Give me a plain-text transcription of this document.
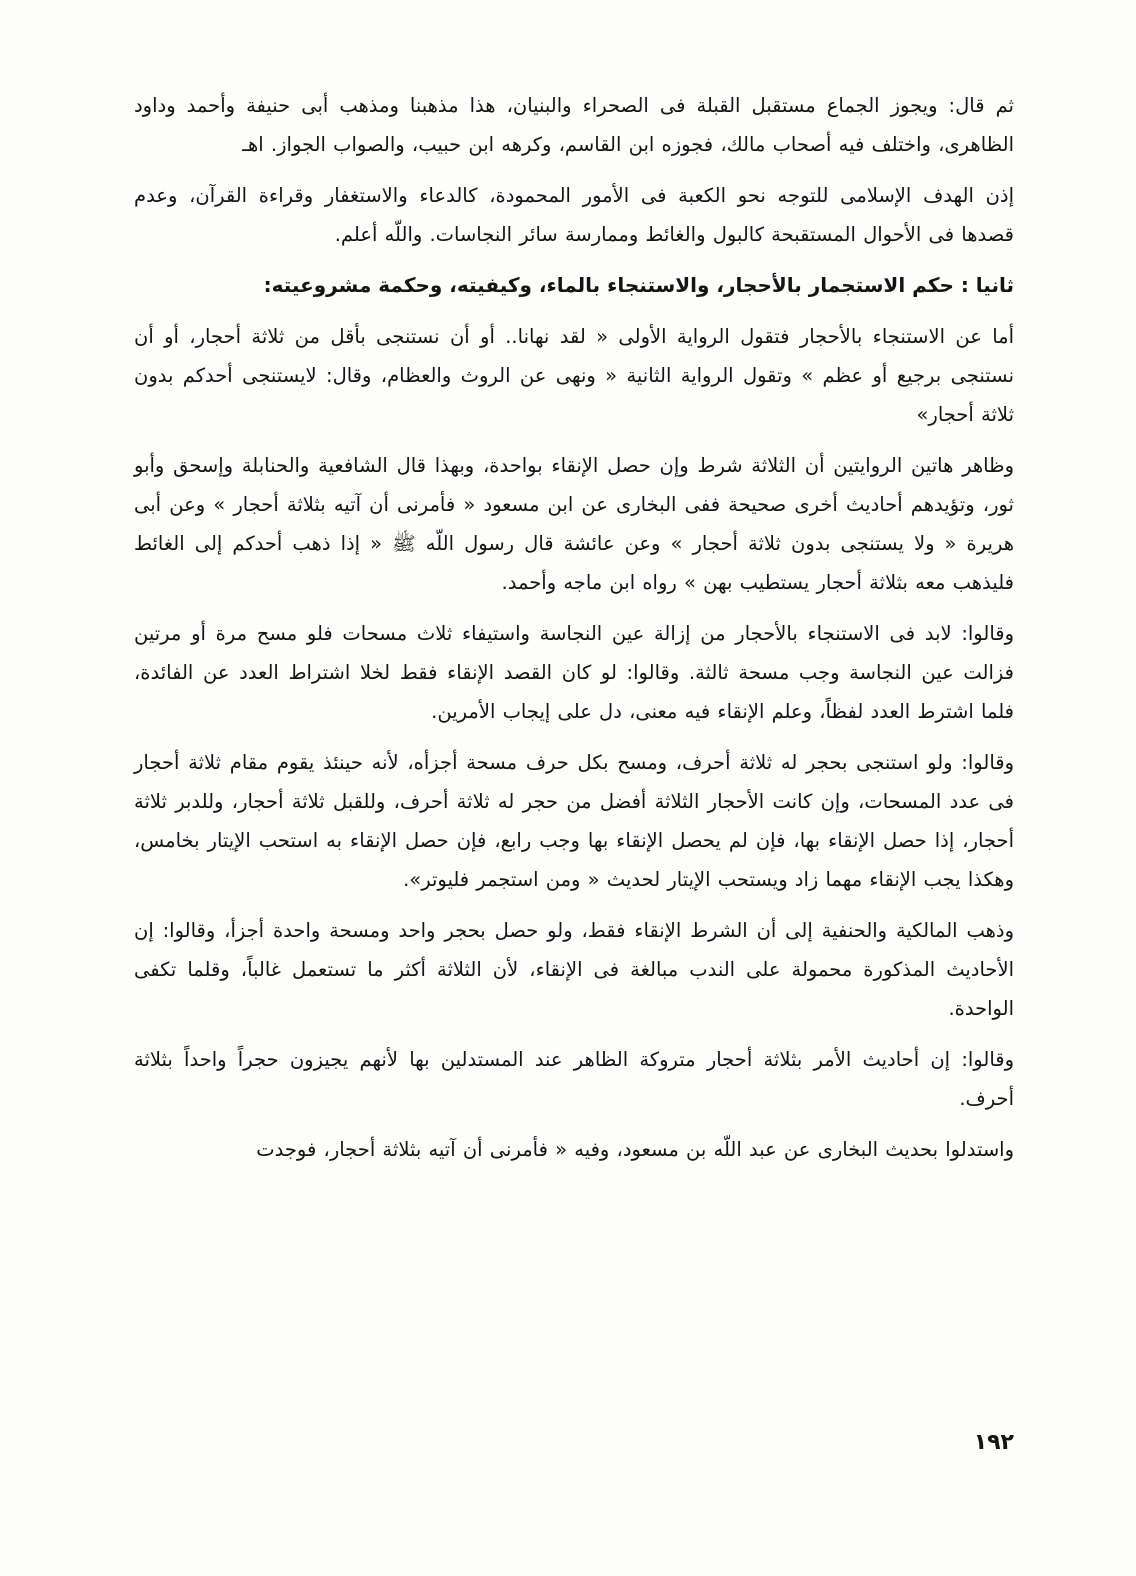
ثم قال: ويجوز الجماع مستقبل القبلة فى الصحراء والبنيان، هذا مذهبنا ومذهب أبى حنيفة وأحمد وداود الظاهرى، واختلف فيه أصحاب مالك، فجوزه ابن القاسم، وكرهه ابن حبيب، والصواب الجواز. اهـ

إذن الهدف الإسلامى للتوجه نحو الكعبة فى الأمور المحمودة، كالدعاء والاستغفار وقراءة القرآن، وعدم قصدها فى الأحوال المستقبحة كالبول والغائط وممارسة سائر النجاسات. واللّه أعلم.

ثانيا : حكم الاستجمار بالأحجار، والاستنجاء بالماء، وكيفيته، وحكمة مشروعيته:

أما عن الاستنجاء بالأحجار فتقول الرواية الأولى « لقد نهانا.. أو أن نستنجى بأقل من ثلاثة أحجار، أو أن نستنجى برجيع أو عظم » وتقول الرواية الثانية « ونهى عن الروث والعظام، وقال: لايستنجى أحدكم بدون ثلاثة أحجار»

وظاهر هاتين الروايتين أن الثلاثة شرط وإن حصل الإنقاء بواحدة، وبهذا قال الشافعية والحنابلة وإسحق وأبو ثور، وتؤيدهم أحاديث أخرى صحيحة ففى البخارى عن ابن مسعود « فأمرنى أن آتيه بثلاثة أحجار » وعن أبى هريرة « ولا يستنجى بدون ثلاثة أحجار » وعن عائشة قال رسول اللّه ﷺ « إذا ذهب أحدكم إلى الغائط فليذهب معه بثلاثة أحجار يستطيب بهن » رواه ابن ماجه وأحمد.

وقالوا: لابد فى الاستنجاء بالأحجار من إزالة عين النجاسة واستيفاء ثلاث مسحات فلو مسح مرة أو مرتين فزالت عين النجاسة وجب مسحة ثالثة. وقالوا: لو كان القصد الإنقاء فقط لخلا اشتراط العدد عن الفائدة، فلما اشترط العدد لفظاً، وعلم الإنقاء فيه معنى، دل على إيجاب الأمرين.

وقالوا: ولو استنجى بحجر له ثلاثة أحرف، ومسح بكل حرف مسحة أجزأه، لأنه حينئذ يقوم مقام ثلاثة أحجار فى عدد المسحات، وإن كانت الأحجار الثلاثة أفضل من حجر له ثلاثة أحرف، وللقبل ثلاثة أحجار، وللدبر ثلاثة أحجار، إذا حصل الإنقاء بها، فإن لم يحصل الإنقاء بها وجب رابع، فإن حصل الإنقاء به استحب الإيتار بخامس، وهكذا يجب الإنقاء مهما زاد ويستحب الإيتار لحديث « ومن استجمر فليوتر».

وذهب المالكية والحنفية إلى أن الشرط الإنقاء فقط، ولو حصل بحجر واحد ومسحة واحدة أجزأ، وقالوا: إن الأحاديث المذكورة محمولة على الندب مبالغة فى الإنقاء، لأن الثلاثة أكثر ما تستعمل غالباً، وقلما تكفى الواحدة.

وقالوا: إن أحاديث الأمر بثلاثة أحجار متروكة الظاهر عند المستدلين بها لأنهم يجيزون حجراً واحداً بثلاثة أحرف.

واستدلوا بحديث البخارى عن عبد اللّه بن مسعود، وفيه « فأمرنى أن آتيه بثلاثة أحجار، فوجدت

١٩٢
